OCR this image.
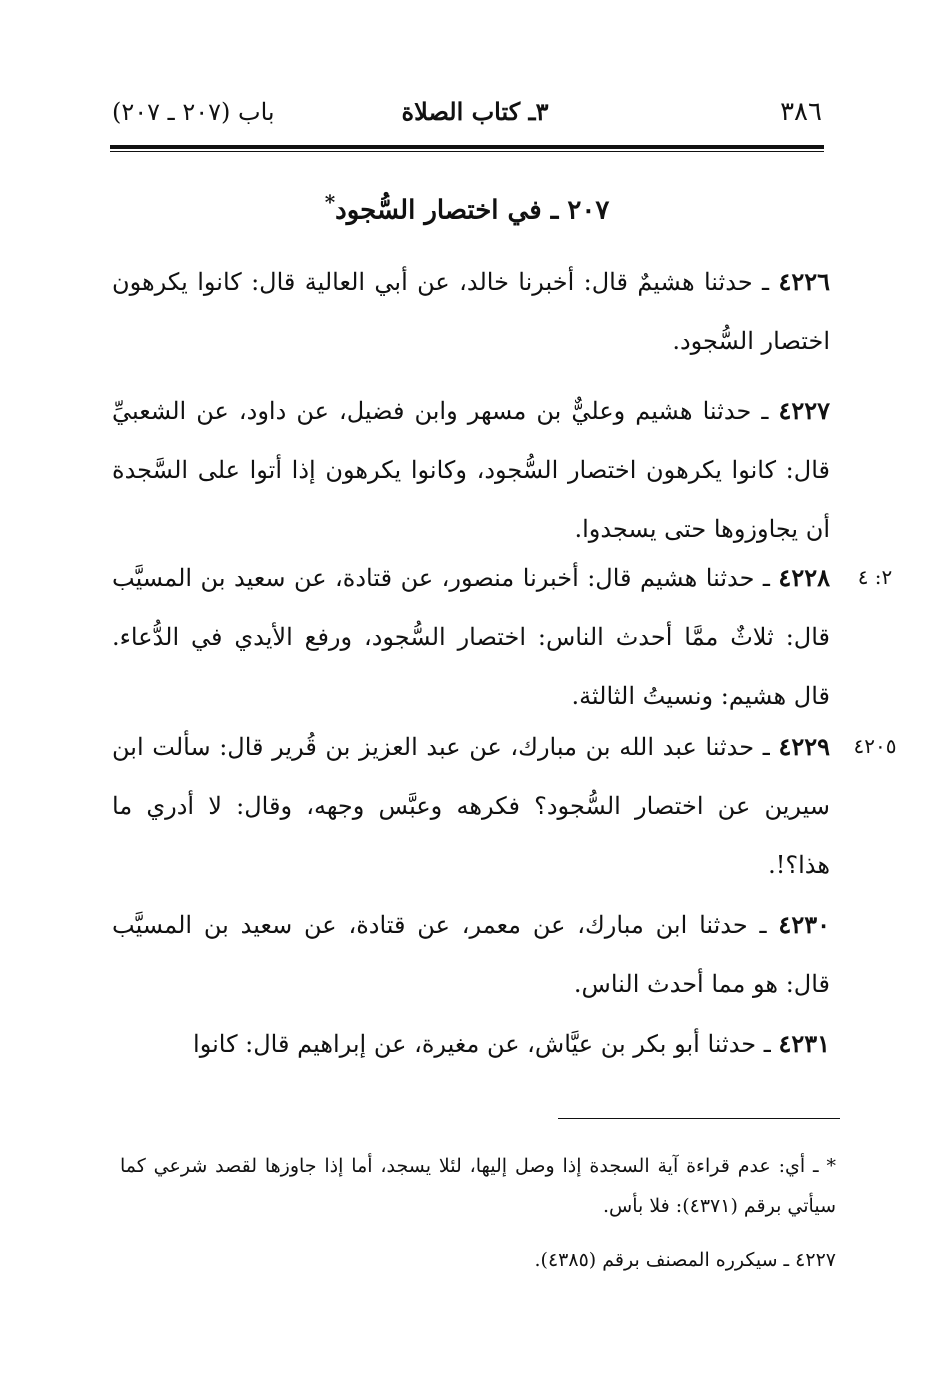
٣٨٦
٣ـ كتاب الصلاة
باب (٢٠٧ ـ ٢٠٧)
٢٠٧ ـ في اختصار السُّجود*
٤٢٢٦ ـ حدثنا هشيمٌ قال: أخبرنا خالد، عن أبي العالية قال: كانوا يكرهون اختصار السُّجود.
٤٢٢٧ ـ حدثنا هشيم وعليٌّ بن مسهر وابن فضيل، عن داود، عن الشعبيِّ قال: كانوا يكرهون اختصار السُّجود، وكانوا يكرهون إذا أتوا على السَّجدة أن يجاوزوها حتى يسجدوا.
٢: ٤
٤٢٢٨ ـ حدثنا هشيم قال: أخبرنا منصور، عن قتادة، عن سعيد بن المسيَّب قال: ثلاثٌ ممَّا أحدث الناس: اختصار السُّجود، ورفع الأيدي في الدُّعاء. قال هشيم: ونسيتُ الثالثة.
٤٢٠٥
٤٢٢٩ ـ حدثنا عبد الله بن مبارك، عن عبد العزيز بن قُرير قال: سألت ابن سيرين عن اختصار السُّجود؟ فكرهه وعبَّس وجهه، وقال: لا أدري ما هذا؟!.
٤٢٣٠ ـ حدثنا ابن مبارك، عن معمر، عن قتادة، عن سعيد بن المسيَّب قال: هو مما أحدث الناس.
٤٢٣١ ـ حدثنا أبو بكر بن عيَّاش، عن مغيرة، عن إبراهيم قال: كانوا
* ـ أي: عدم قراءة آية السجدة إذا وصل إليها، لئلا يسجد، أما إذا جاوزها لقصد شرعي كما سيأتي برقم (٤٣٧١): فلا بأس.
٤٢٢٧ ـ سيكرره المصنف برقم (٤٣٨٥).
